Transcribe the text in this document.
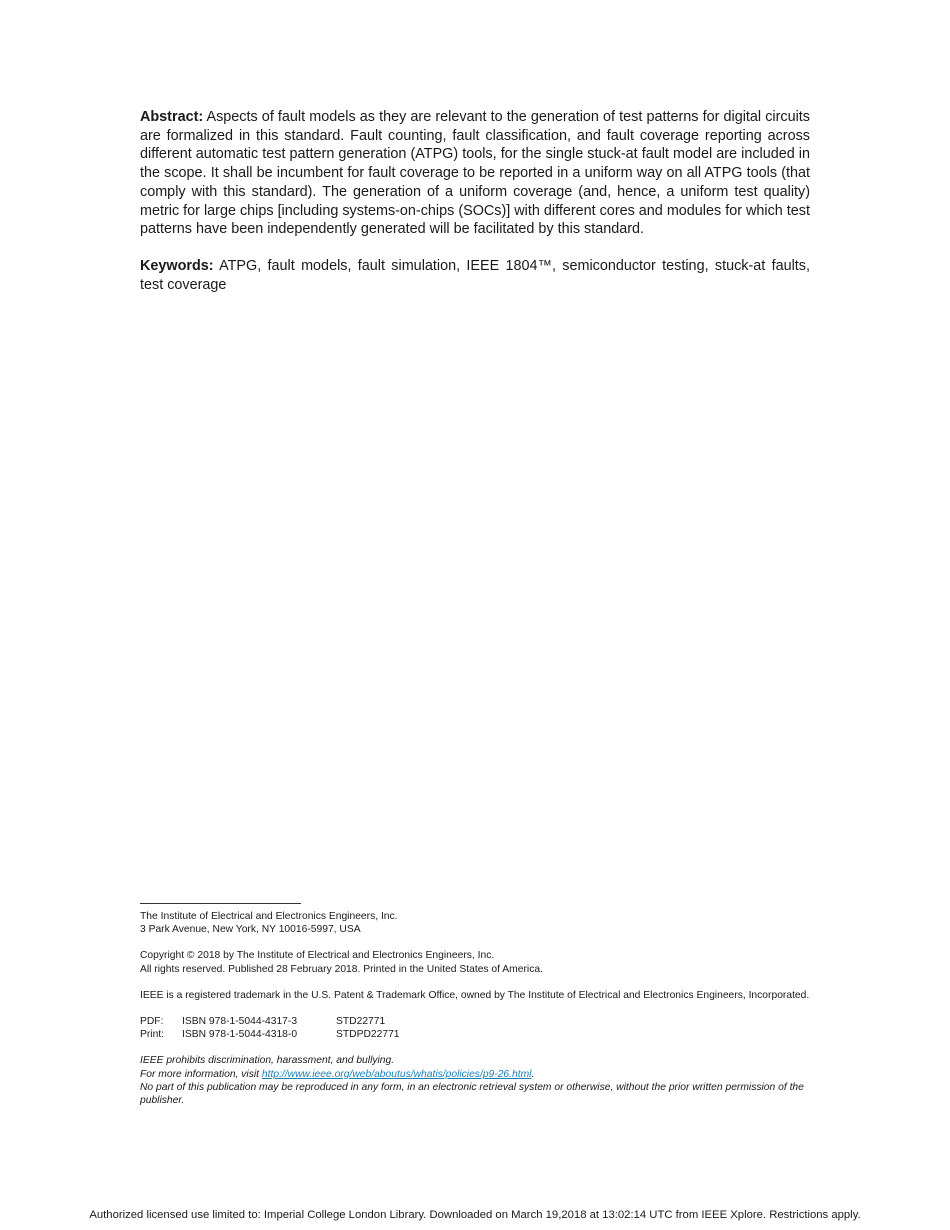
Abstract: Aspects of fault models as they are relevant to the generation of test patterns for digital circuits are formalized in this standard. Fault counting, fault classification, and fault coverage reporting across different automatic test pattern generation (ATPG) tools, for the single stuck-at fault model are included in the scope. It shall be incumbent for fault coverage to be reported in a uniform way on all ATPG tools (that comply with this standard). The generation of a uniform coverage (and, hence, a uniform test quality) metric for large chips [including systems-on-chips (SOCs)] with different cores and modules for which test patterns have been independently generated will be facilitated by this standard.

Keywords: ATPG, fault models, fault simulation, IEEE 1804™, semiconductor testing, stuck-at faults, test coverage

The Institute of Electrical and Electronics Engineers, Inc.

3 Park Avenue, New York, NY 10016-5997, USA

Copyright © 2018 by The Institute of Electrical and Electronics Engineers, Inc.

All rights reserved. Published 28 February 2018. Printed in the United States of America.

IEEE is a registered trademark in the U.S. Patent & Trademark Office, owned by The Institute of Electrical and Electronics Engineers, Incorporated.

PDF:	ISBN 978-1-5044-4317-3	STD22771
Print:	ISBN 978-1-5044-4318-0	STDPD22771

IEEE prohibits discrimination, harassment, and bullying.

For more information, visit http://www.ieee.org/web/aboutus/whatis/policies/p9-26.html.

No part of this publication may be reproduced in any form, in an electronic retrieval system or otherwise, without the prior written permission of the publisher.

Authorized licensed use limited to: Imperial College London Library. Downloaded on March 19,2018 at 13:02:14 UTC from IEEE Xplore. Restrictions apply.
